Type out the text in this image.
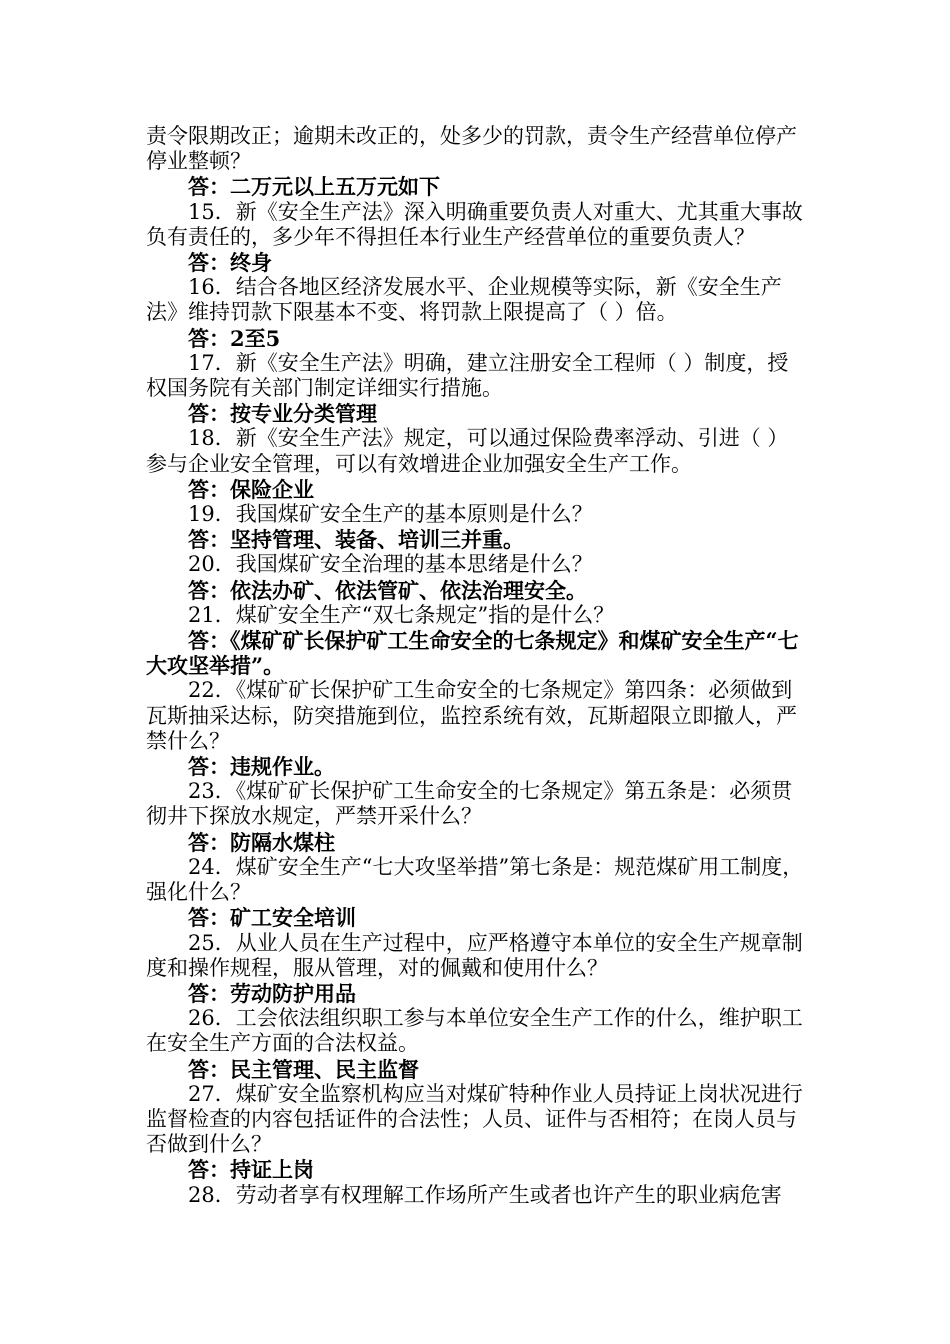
责令限期改正；逾期未改正的，处多少的罚款，责令生产经营单位停产停业整顿？
答：二万元以上五万元如下
15．新《安全生产法》深入明确重要负责人对重大、尤其重大事故负有责任的，多少年不得担任本行业生产经营单位的重要负责人？
答：终身
16．结合各地区经济发展水平、企业规模等实际，新《安全生产法》维持罚款下限基本不变、将罚款上限提高了（ ）倍。
答：2至5
17．新《安全生产法》明确，建立注册安全工程师（ ）制度，授权国务院有关部门制定详细实行措施。
答：按专业分类管理
18．新《安全生产法》规定，可以通过保险费率浮动、引进（ ）参与企业安全管理，可以有效增进企业加强安全生产工作。
答：保险企业
19．我国煤矿安全生产的基本原则是什么？
答：坚持管理、装备、培训三并重。
20．我国煤矿安全治理的基本思绪是什么？
答：依法办矿、依法管矿、依法治理安全。
21．煤矿安全生产“双七条规定”指的是什么？
答：《煤矿矿长保护矿工生命安全的七条规定》和煤矿安全生产“七大攻坚举措”。
22．《煤矿矿长保护矿工生命安全的七条规定》第四条：必须做到瓦斯抽采达标，防突措施到位，监控系统有效，瓦斯超限立即撤人，严禁什么？
答：违规作业。
23．《煤矿矿长保护矿工生命安全的七条规定》第五条是：必须贯彻井下探放水规定，严禁开采什么？
答：防隔水煤柱
24．煤矿安全生产“七大攻坚举措”第七条是：规范煤矿用工制度，强化什么？
答：矿工安全培训
25．从业人员在生产过程中，应严格遵守本单位的安全生产规章制度和操作规程，服从管理，对的佩戴和使用什么？
答：劳动防护用品
26．工会依法组织职工参与本单位安全生产工作的什么，维护职工在安全生产方面的合法权益。
答：民主管理、民主监督
27．煤矿安全监察机构应当对煤矿特种作业人员持证上岗状况进行监督检查的内容包括证件的合法性；人员、证件与否相符；在岗人员与否做到什么？
答：持证上岗
28．劳动者享有权理解工作场所产生或者也许产生的职业病危害
